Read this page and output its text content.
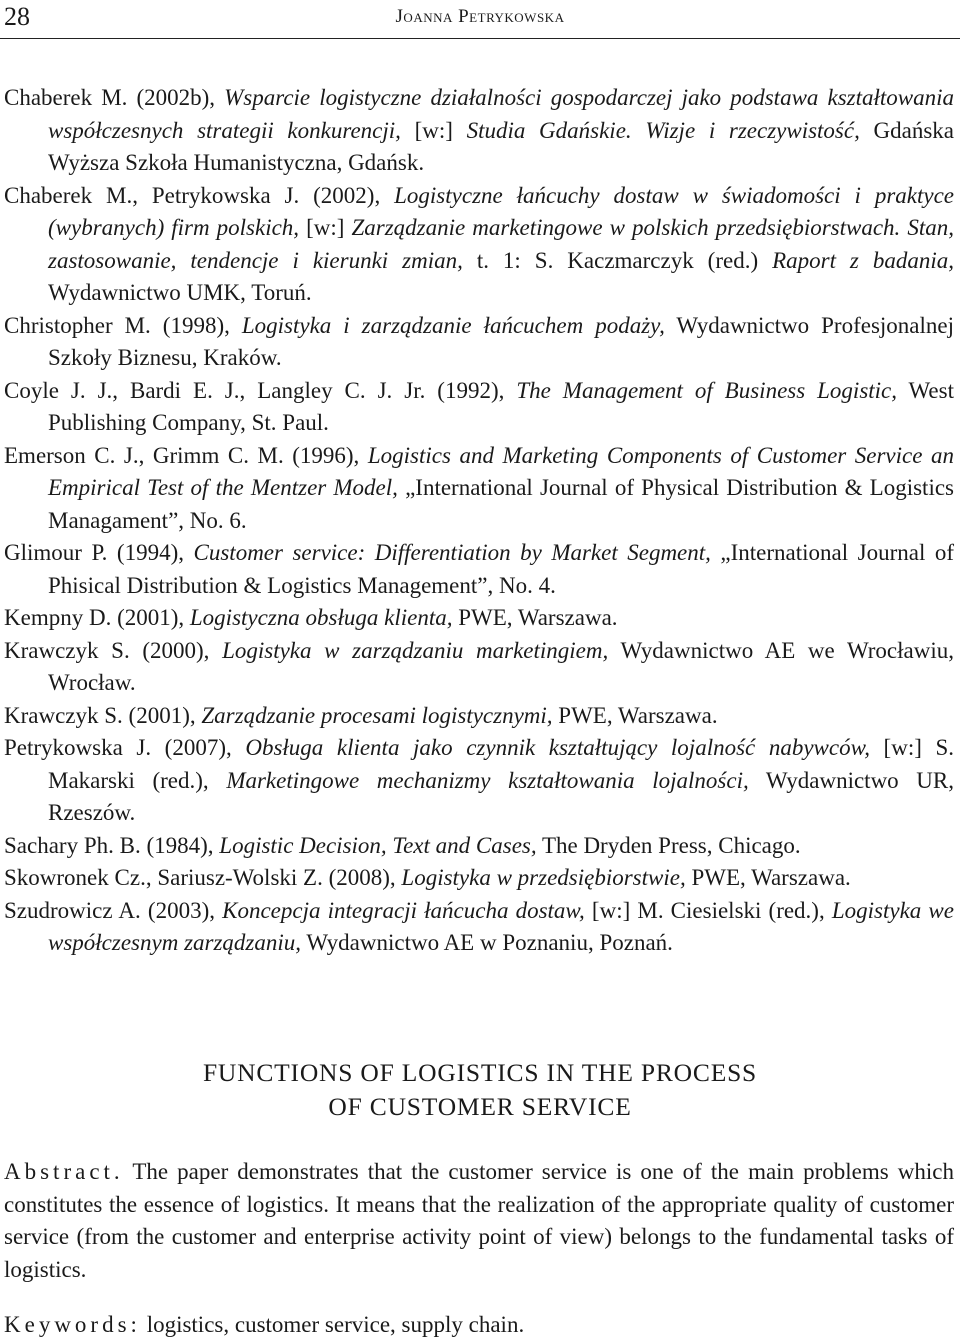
28	Joanna Petrykowska
Chaberek M. (2002b), Wsparcie logistyczne działalności gospodarczej jako podstawa kształtowania współczesnych strategii konkurencji, [w:] Studia Gdańskie. Wizje i rzeczywistość, Gdańska Wyższa Szkoła Humanistyczna, Gdańsk.
Chaberek M., Petrykowska J. (2002), Logistyczne łańcuchy dostaw w świadomości i praktyce (wybranych) firm polskich, [w:] Zarządzanie marketingowe w polskich przedsiębiorstwach. Stan, zastosowanie, tendencje i kierunki zmian, t. 1: S. Kaczmarczyk (red.) Raport z badania, Wydawnictwo UMK, Toruń.
Christopher M. (1998), Logistyka i zarządzanie łańcuchem podaży, Wydawnictwo Profesjonalnej Szkoły Biznesu, Kraków.
Coyle J. J., Bardi E. J., Langley C. J. Jr. (1992), The Management of Business Logistic, West Publishing Company, St. Paul.
Emerson C. J., Grimm C. M. (1996), Logistics and Marketing Components of Customer Service an Empirical Test of the Mentzer Model, „International Journal of Physical Distribution & Logistics Managament”, No. 6.
Glimour P. (1994), Customer service: Differentiation by Market Segment, „International Journal of Phisical Distribution & Logistics Management”, No. 4.
Kempny D. (2001), Logistyczna obsługa klienta, PWE, Warszawa.
Krawczyk S. (2000), Logistyka w zarządzaniu marketingiem, Wydawnictwo AE we Wrocławiu, Wrocław.
Krawczyk S. (2001), Zarządzanie procesami logistycznymi, PWE, Warszawa.
Petrykowska J. (2007), Obsługa klienta jako czynnik kształtujący lojalność nabywców, [w:] S. Makarski (red.), Marketingowe mechanizmy kształtowania lojalności, Wydawnictwo UR, Rzeszów.
Sachary Ph. B. (1984), Logistic Decision, Text and Cases, The Dryden Press, Chicago.
Skowronek Cz., Sariusz-Wolski Z. (2008), Logistyka w przedsiębiorstwie, PWE, Warszawa.
Szudrowicz A. (2003), Koncepcja integracji łańcucha dostaw, [w:] M. Ciesielski (red.), Logistyka we współczesnym zarządzaniu, Wydawnictwo AE w Poznaniu, Poznań.
FUNCTIONS OF LOGISTICS IN THE PROCESS
OF CUSTOMER SERVICE
Abstract. The paper demonstrates that the customer service is one of the main problems which constitutes the essence of logistics. It means that the realization of the appropriate quality of customer service (from the customer and enterprise activity point of view) belongs to the fundamental tasks of logistics.
Keywords: logistics, customer service, supply chain.
